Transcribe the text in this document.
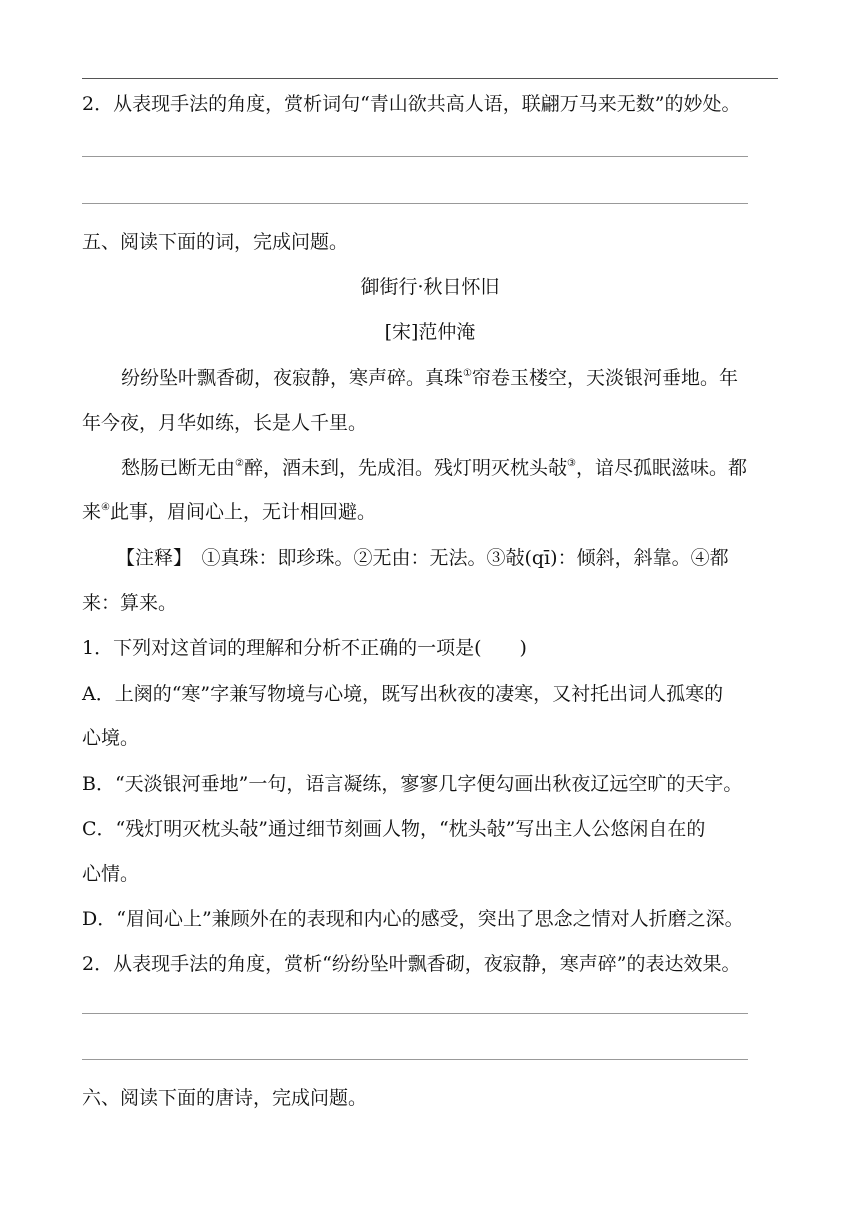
2．从表现手法的角度，赏析词句“青山欲共高人语，联翩万马来无数”的妙处。
五、阅读下面的词，完成问题。
御街行·秋日怀旧
[宋]范仲淹
纷纷坠叶飘香砌，夜寂静，寒声碎。真珠①帘卷玉楼空，天淡银河垂地。年
年今夜，月华如练，长是人千里。
愁肠已断无由②醉，酒未到，先成泪。残灯明灭枕头敧③，谙尽孤眠滋味。都
来④此事，眉间心上，无计相回避。
【注释】　①真珠：即珍珠。②无由：无法。③敧(qī)：倾斜，斜靠。④都
来：算来。
1．下列对这首词的理解和分析不正确的一项是(　　)
A．上阕的“寒”字兼写物境与心境，既写出秋夜的凄寒，又衬托出词人孤寒的
心境。
B．“天淡银河垂地”一句，语言凝练，寥寥几字便勾画出秋夜辽远空旷的天宇。
C．“残灯明灭枕头敧”通过细节刻画人物，“枕头敧”写出主人公悠闲自在的
心情。
D．“眉间心上”兼顾外在的表现和内心的感受，突出了思念之情对人折磨之深。
2．从表现手法的角度，赏析“纷纷坠叶飘香砌，夜寂静，寒声碎”的表达效果。
六、阅读下面的唐诗，完成问题。
